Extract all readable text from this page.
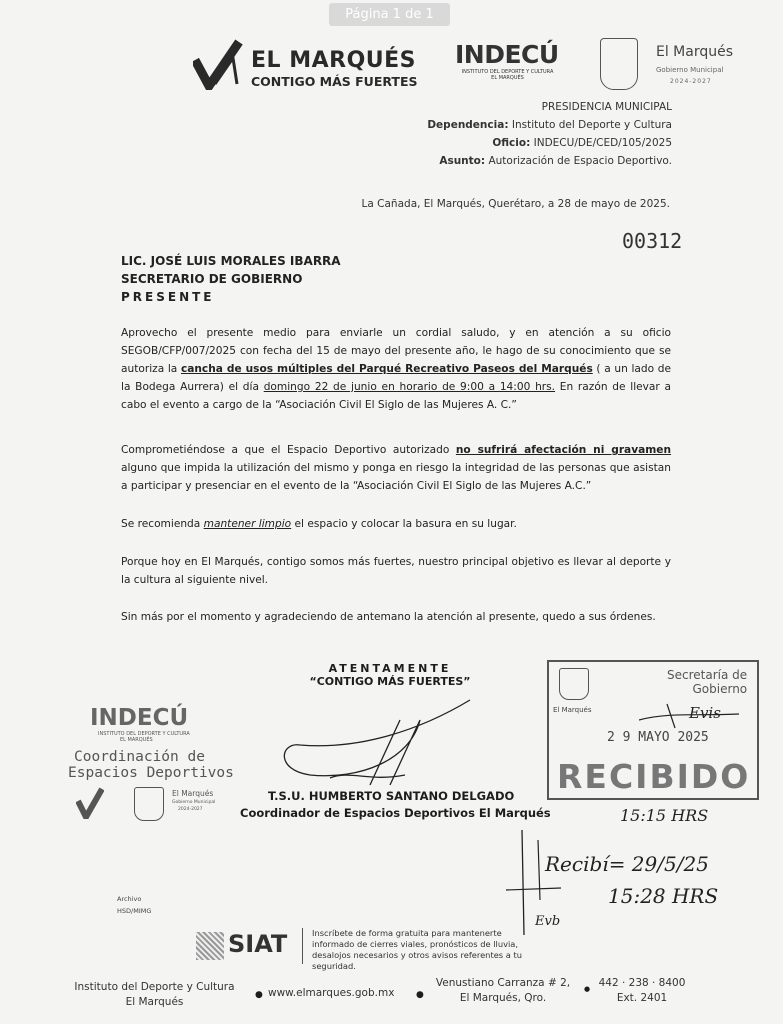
Página 1 de 1
EL MARQUÉS
CONTIGO MÁS FUERTES
INDECÚ
INSTITUTO DEL DEPORTE Y CULTURA
EL MARQUÉS
El Marqués
Gobierno Municipal
2024-2027
PRESIDENCIA MUNICIPAL
Dependencia: Instituto del Deporte y Cultura
Oficio: INDECU/DE/CED/105/2025
Asunto: Autorización de Espacio Deportivo.
La Cañada, El Marqués, Querétaro, a 28 de mayo de 2025.
00312
LIC. JOSÉ LUIS MORALES IBARRA
SECRETARIO DE GOBIERNO
PRESENTE

Aprovecho el presente medio para enviarle un cordial saludo, y en atención a su oficio SEGOB/CFP/007/2025 con fecha del 15 de mayo del presente año, le hago de su conocimiento que se autoriza la cancha de usos múltiples del Parqué Recreativo Paseos del Marqués ( a un lado de la Bodega Aurrera) el día domingo 22 de junio en horario de 9:00 a 14:00 hrs. En razón de llevar a cabo el evento a cargo de la “Asociación Civil El Siglo de las Mujeres A. C.”

Comprometiéndose a que el Espacio Deportivo autorizado no sufrirá afectación ni gravamen alguno que impida la utilización del mismo y ponga en riesgo la integridad de las personas que asistan a participar y presenciar en el evento de la “Asociación Civil El Siglo de las Mujeres A.C.”

Se recomienda mantener limpio el espacio y colocar la basura en su lugar.

Porque hoy en El Marqués, contigo somos más fuertes, nuestro principal objetivo es llevar al deporte y la cultura al siguiente nivel.
Sin más por el momento y agradeciendo de antemano la atención al presente, quedo a sus órdenes.
ATENTAMENTE
“CONTIGO MÁS FUERTES”
T.S.U. HUMBERTO SANTANO DELGADO
Coordinador de Espacios Deportivos El Marqués
INDECÚ
INSTITUTO DEL DEPORTE Y CULTURA
EL MARQUÉS
Coordinación de
Espacios Deportivos
El Marqués
Gobierno Municipal
2024-2027
El Marqués
Secretaría de
Gobierno
Evis
2 9 MAYO 2025
RECIBIDO
15:15 HRS
Recibí= 29/5/25
15:28 HRS
Evb
Archivo
HSD/MIMG
SIAT	Inscríbete de forma gratuita para mantenerte informado de cierres viales, pronósticos de lluvia, desalojos necesarios y otros avisos referentes a tu seguridad.
Instituto del Deporte y Cultura
El Marqués
● www.elmarques.gob.mx ●
Venustiano Carranza # 2,
El Marqués, Qro.
● 442 · 238 · 8400
Ext. 2401
